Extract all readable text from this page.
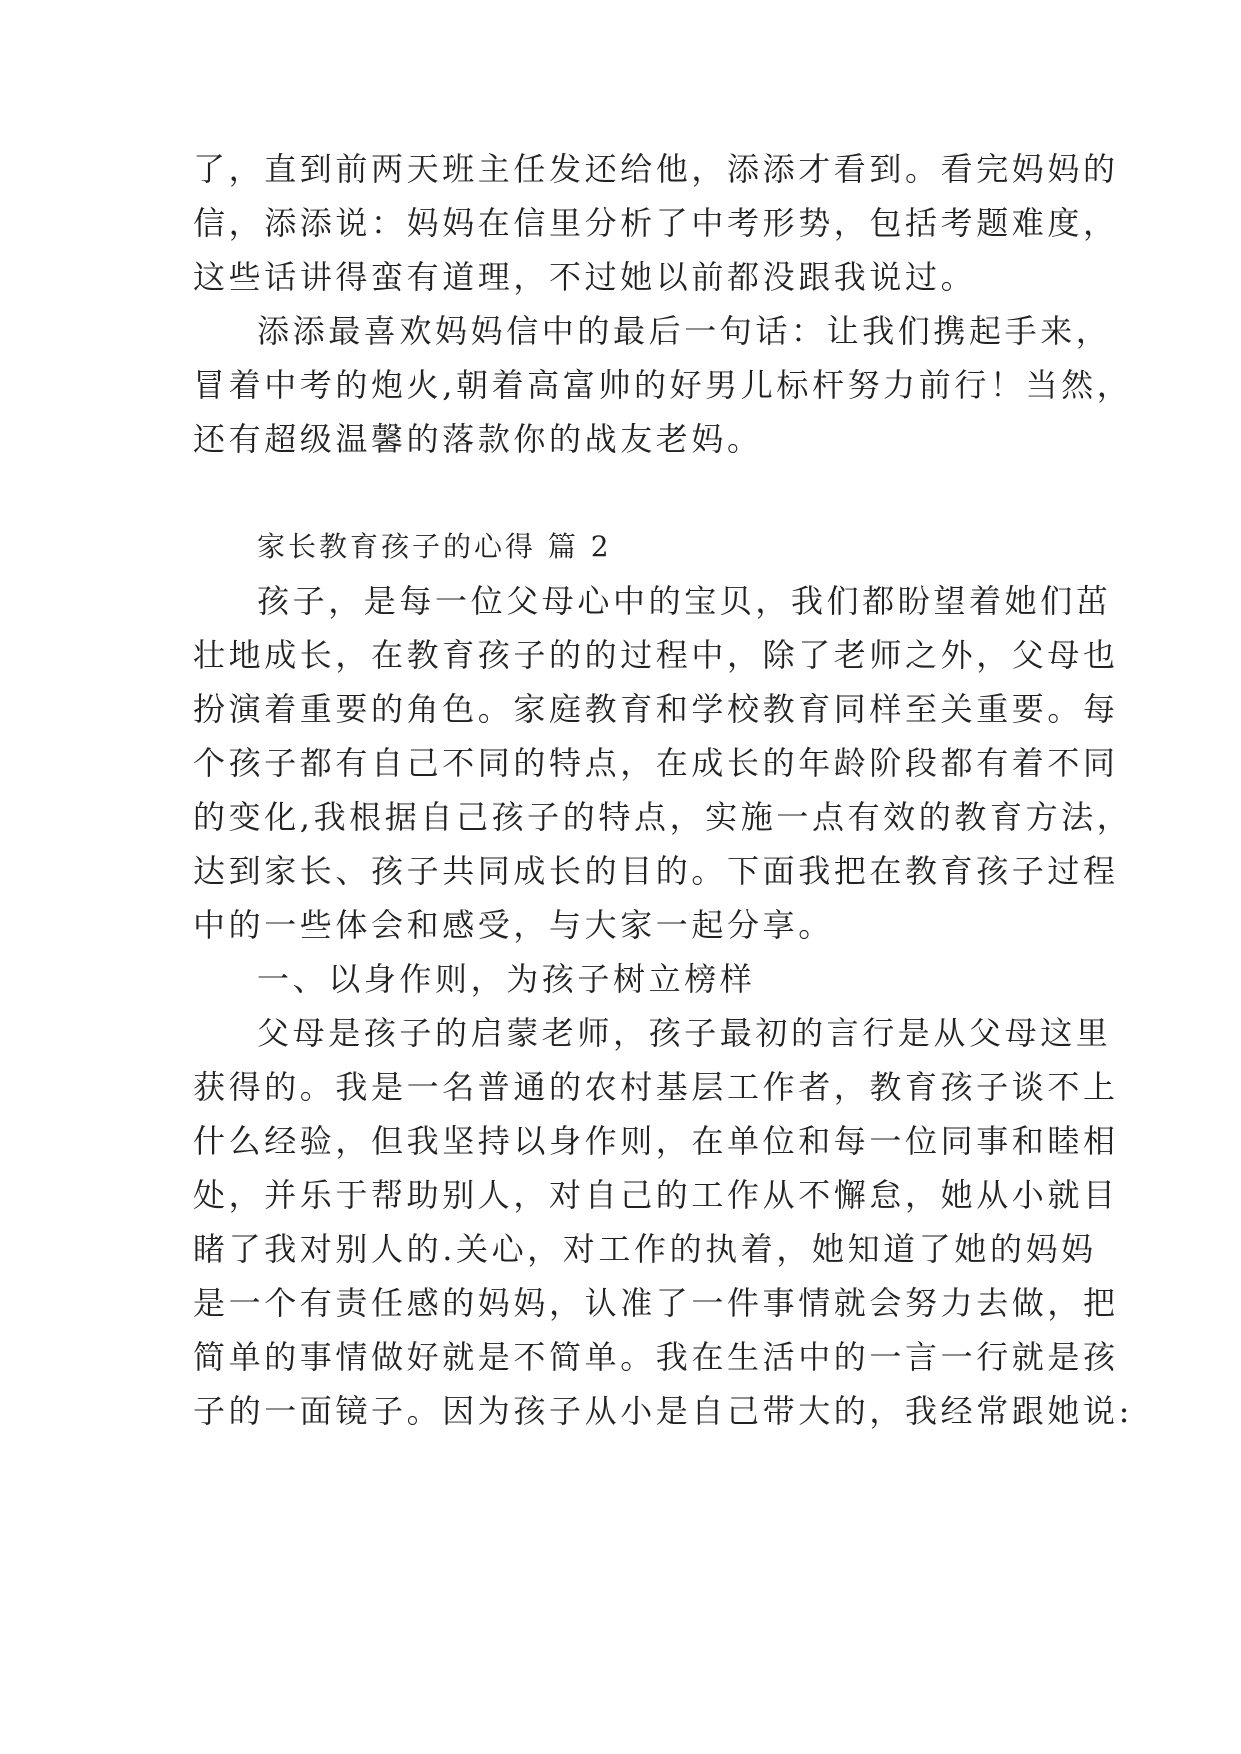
了，直到前两天班主任发还给他，添添才看到。看完妈妈的
信，添添说：妈妈在信里分析了中考形势，包括考题难度，
这些话讲得蛮有道理，不过她以前都没跟我说过。
添添最喜欢妈妈信中的最后一句话：让我们携起手来，
冒着中考的炮火,朝着高富帅的好男儿标杆努力前行！当然，
还有超级温馨的落款你的战友老妈。
家长教育孩子的心得 篇 2
孩子，是每一位父母心中的宝贝，我们都盼望着她们茁
壮地成长，在教育孩子的的过程中，除了老师之外，父母也
扮演着重要的角色。家庭教育和学校教育同样至关重要。每
个孩子都有自己不同的特点，在成长的年龄阶段都有着不同
的变化,我根据自己孩子的特点，实施一点有效的教育方法，
达到家长、孩子共同成长的目的。下面我把在教育孩子过程
中的一些体会和感受，与大家一起分享。
一、以身作则，为孩子树立榜样
父母是孩子的启蒙老师，孩子最初的言行是从父母这里
获得的。我是一名普通的农村基层工作者，教育孩子谈不上
什么经验，但我坚持以身作则，在单位和每一位同事和睦相
处，并乐于帮助别人，对自己的工作从不懈怠，她从小就目
睹了我对别人的.关心，对工作的执着，她知道了她的妈妈
是一个有责任感的妈妈，认准了一件事情就会努力去做，把
简单的事情做好就是不简单。我在生活中的一言一行就是孩
子的一面镜子。因为孩子从小是自己带大的，我经常跟她说:
